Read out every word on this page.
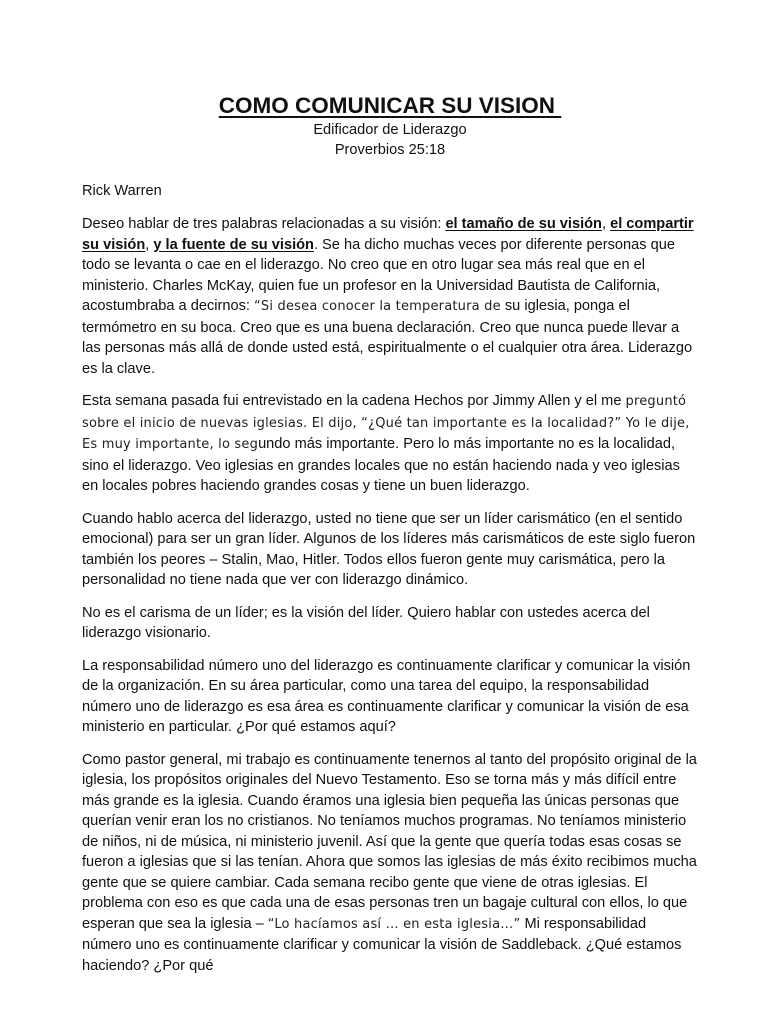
COMO COMUNICAR SU VISION
Edificador de Liderazgo
Proverbios 25:18
Rick Warren

Deseo hablar de tres palabras relacionadas a su visión: el tamaño de su visión, el compartir su visión, y la fuente de su visión. Se ha dicho muchas veces por diferente personas que todo se levanta o cae en el liderazgo. No creo que en otro lugar sea más real que en el ministerio. Charles McKay, quien fue un profesor en la Universidad Bautista de California, acostumbraba a decirnos: “Si desea conocer la temperatura de su iglesia, ponga el termómetro en su boca. Creo que es una buena declaración. Creo que nunca puede llevar a las personas más allá de donde usted está, espiritualmente o el cualquier otra área. Liderazgo es la clave.

Esta semana pasada fui entrevistado en la cadena Hechos por Jimmy Allen y el me preguntó sobre el inicio de nuevas iglesias. El dijo, “¿Qué tan importante es la localidad?” Yo le dije, Es muy importante, lo segundo más importante. Pero lo más importante no es la localidad, sino el liderazgo. Veo iglesias en grandes locales que no están haciendo nada y veo iglesias en locales pobres haciendo grandes cosas y tiene un buen liderazgo.

Cuando hablo acerca del liderazgo, usted no tiene que ser un líder carismático (en el sentido emocional) para ser un gran líder. Algunos de los líderes más carismáticos de este siglo fueron también los peores – Stalin, Mao, Hitler. Todos ellos fueron gente muy carismática, pero la personalidad no tiene nada que ver con liderazgo dinámico.

No es el carisma de un líder; es la visión del líder. Quiero hablar con ustedes acerca del liderazgo visionario.

La responsabilidad número uno del liderazgo es continuamente clarificar y comunicar la visión de la organización. En su área particular, como una tarea del equipo, la responsabilidad número uno de liderazgo es esa área es continuamente clarificar y comunicar la visión de esa ministerio en particular. ¿Por qué estamos aquí?

Como pastor general, mi trabajo es continuamente tenernos al tanto del propósito original de la iglesia, los propósitos originales del Nuevo Testamento. Eso se torna más y más difícil entre más grande es la iglesia. Cuando éramos una iglesia bien pequeña las únicas personas que querían venir eran los no cristianos. No teníamos muchos programas. No teníamos ministerio de niños, ni de música, ni ministerio juvenil. Así que la gente que quería todas esas cosas se fueron a iglesias que si las tenían. Ahora que somos las iglesias de más éxito recibimos mucha gente que se quiere cambiar. Cada semana recibo gente que viene de otras iglesias. El problema con eso es que cada una de esas personas tren un bagaje cultural con ellos, lo que esperan que sea la iglesia – “Lo hacíamos así … en esta iglesia…” Mi responsabilidad número uno es continuamente clarificar y comunicar la visión de Saddleback. ¿Qué estamos haciendo? ¿Por qué
